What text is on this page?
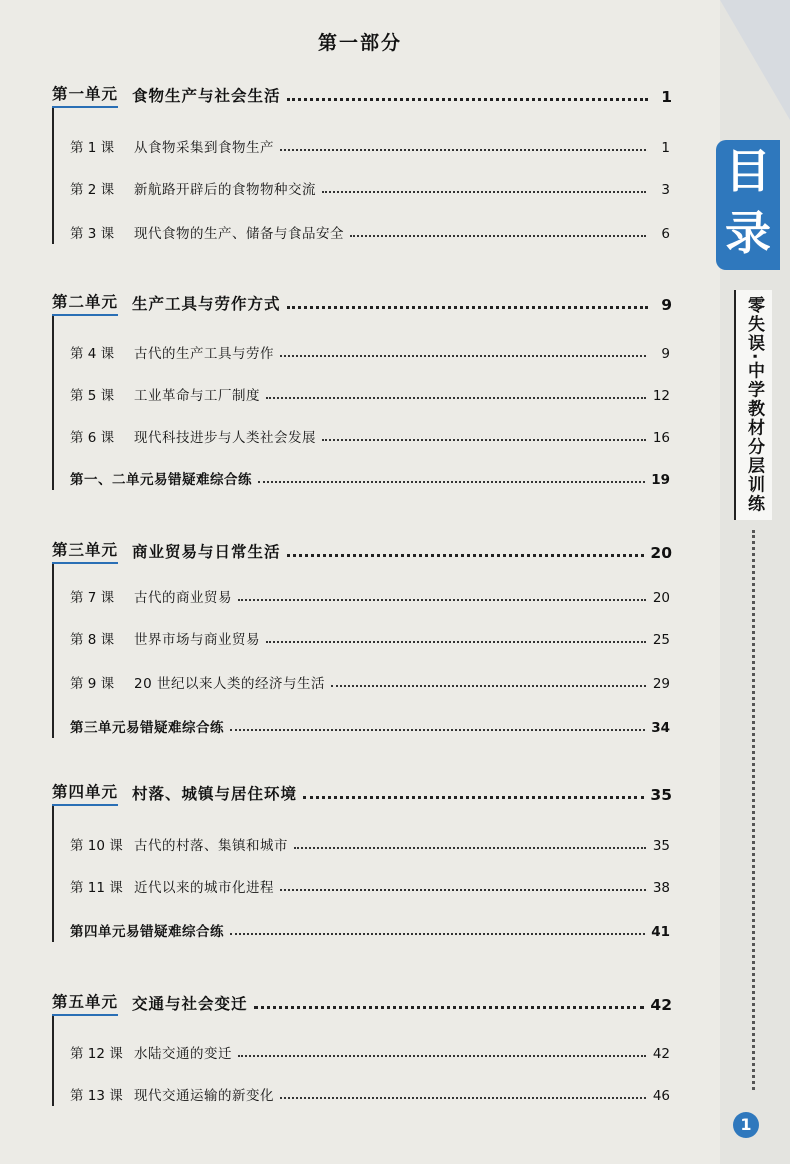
第一部分
第一单元 食物生产与社会生活	1
第 1 课	从食物采集到食物生产	1
第 2 课	新航路开辟后的食物物种交流	3
第 3 课	现代食物的生产、储备与食品安全	6
第二单元 生产工具与劳作方式	9
第 4 课	古代的生产工具与劳作	9
第 5 课	工业革命与工厂制度	12
第 6 课	现代科技进步与人类社会发展	16
第一、二单元易错疑难综合练	19
第三单元 商业贸易与日常生活	20
第 7 课	古代的商业贸易	20
第 8 课	世界市场与商业贸易	25
第 9 课	20 世纪以来人类的经济与生活	29
第三单元易错疑难综合练	34
第四单元 村落、城镇与居住环境	35
第 10 课 古代的村落、集镇和城市	35
第 11 课 近代以来的城市化进程	38
第四单元易错疑难综合练	41
第五单元 交通与社会变迁	42
第 12 课 水陆交通的变迁	42
第 13 课 现代交通运输的新变化	46
目录
零失误·中学教材分层训练
1
